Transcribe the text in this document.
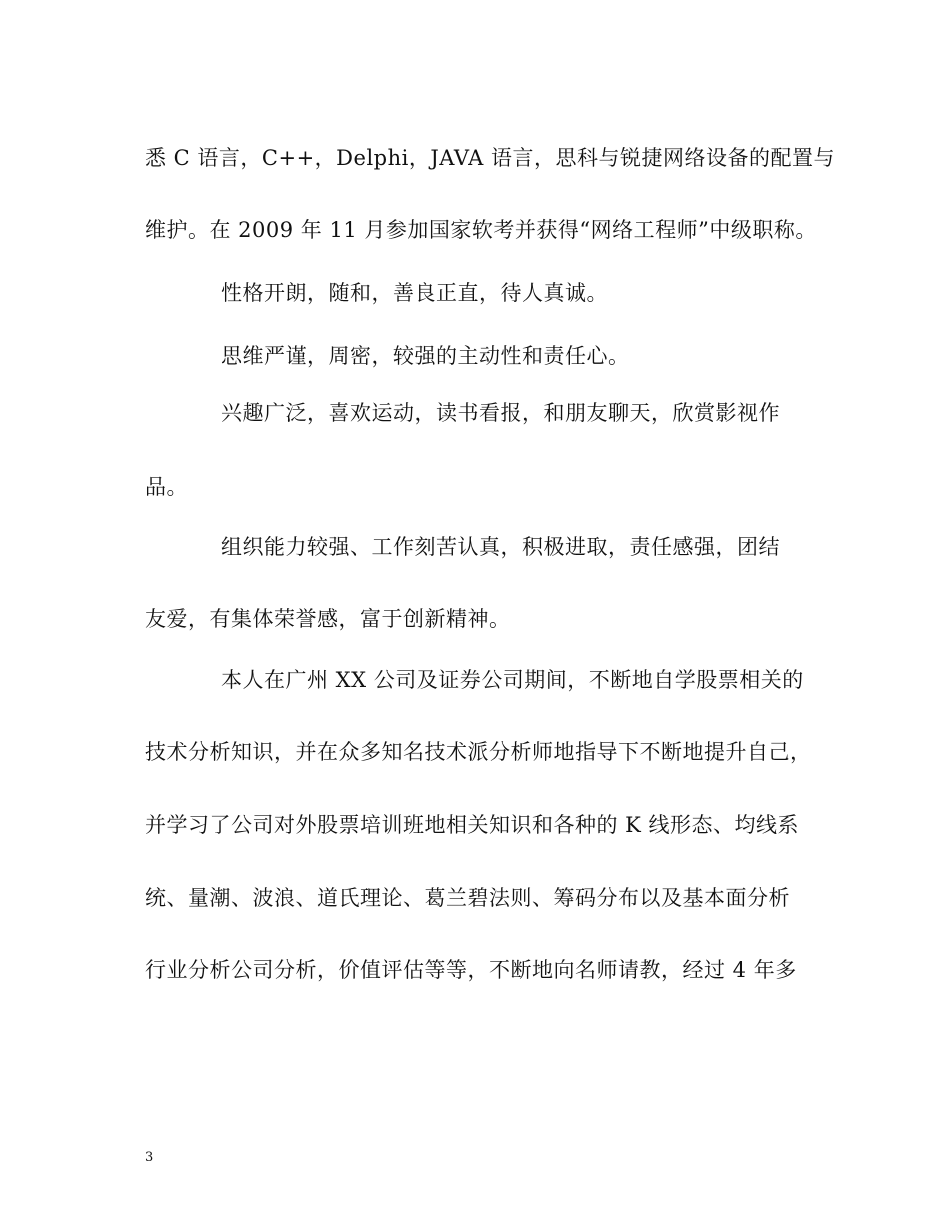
悉 C 语言，C++，Delphi，JAVA 语言，思科与锐捷网络设备的配置与
维护。在 2009 年 11 月参加国家软考并获得“网络工程师”中级职称。
性格开朗，随和，善良正直，待人真诚。
思维严谨，周密，较强的主动性和责任心。
兴趣广泛，喜欢运动，读书看报，和朋友聊天，欣赏影视作
品。
组织能力较强、工作刻苦认真，积极进取，责任感强，团结
友爱，有集体荣誉感，富于创新精神。
本人在广州 XX 公司及证券公司期间，不断地自学股票相关的
技术分析知识，并在众多知名技术派分析师地指导下不断地提升自己，
并学习了公司对外股票培训班地相关知识和各种的 K 线形态、均线系
统、量潮、波浪、道氏理论、葛兰碧法则、筹码分布以及基本面分析
行业分析公司分析，价值评估等等，不断地向名师请教，经过 4 年多
3
